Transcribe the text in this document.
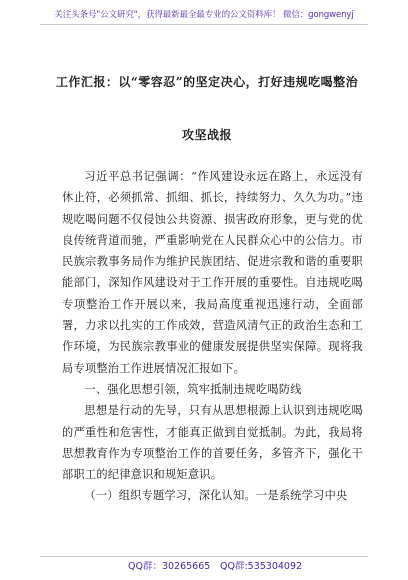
关注头条号"公文研究"，获得最新最全最专业的公文资料库！ 微信：gongwenyj
工作汇报：以“零容忍”的坚定决心，打好违规吃喝整治
攻坚战报

习近平总书记强调：“作风建设永远在路上，永远没有休止符，必须抓常、抓细、抓长，持续努力、久久为功。”违规吃喝问题不仅侵蚀公共资源、损害政府形象，更与党的优良传统背道而驰，严重影响党在人民群众心中的公信力。市民族宗教事务局作为维护民族团结、促进宗教和谐的重要职能部门，深知作风建设对于工作开展的重要性。自违规吃喝专项整治工作开展以来，我局高度重视迅速行动，全面部署，力求以扎实的工作成效，营造风清气正的政治生态和工作环境，为民族宗教事业的健康发展提供坚实保障。现将我局专项整治工作进展情况汇报如下。

一、强化思想引领，筑牢抵制违规吃喝防线

思想是行动的先导，只有从思想根源上认识到违规吃喝的严重性和危害性，才能真正做到自觉抵制。为此，我局将思想教育作为专项整治工作的首要任务，多管齐下，强化干部职工的纪律意识和规矩意识。

（一）组织专题学习，深化认知。一是系统学习中央

QQ群：30265665 QQ群:535304092
